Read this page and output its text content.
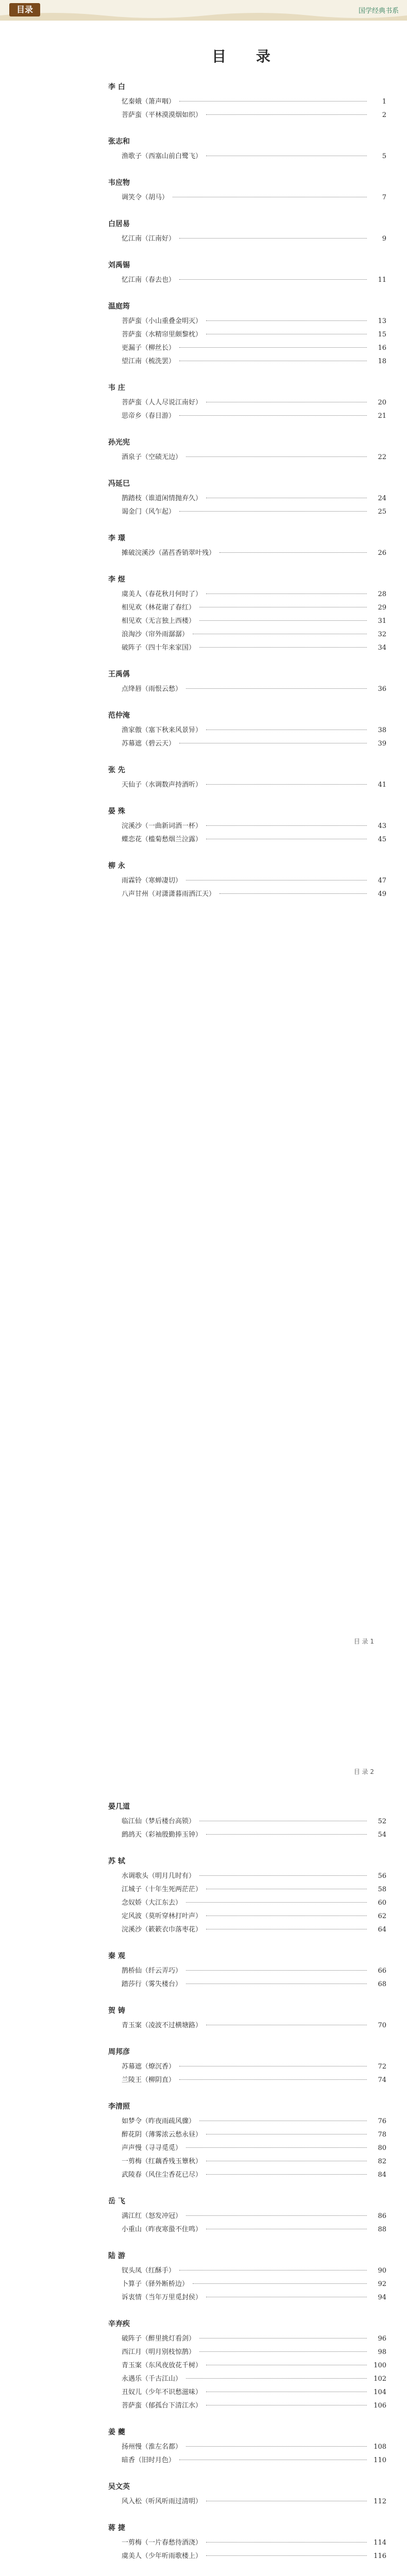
目录	国学经典书系
目 录
李 白
忆秦娥（箫声咽）	1
菩萨蛮（平林漠漠烟如织）	2
张志和
渔歌子（西塞山前白鹭飞）	5
韦应物
调笑令（胡马）	7
白居易
忆江南（江南好）	9
刘禹锡
忆江南（春去也）	11
温庭筠
菩萨蛮（小山重叠金明灭）	13
菩萨蛮（水精帘里颇黎枕）	15
更漏子（柳丝长）	16
望江南（梳洗罢）	18
韦 庄
菩萨蛮（人人尽说江南好）	20
思帝乡（春日游）	21
孙光宪
酒泉子（空碛无边）	22
冯延巳
鹊踏枝（谁道闲情抛弃久）	24
谒金门（风乍起）	25
李 璟
摊破浣溪沙（菡萏香销翠叶残）	26
李 煜
虞美人（春花秋月何时了）	28
相见欢（林花谢了春红）	29
相见欢（无言独上西楼）	31
浪淘沙（帘外雨潺潺）	32
破阵子（四十年来家国）	34
王禹偁
点绛唇（雨恨云愁）	36
范仲淹
渔家傲（塞下秋来风景异）	38
苏幕遮（碧云天）	39
张 先
天仙子（水调数声持酒听）	41
晏 殊
浣溪沙（一曲新词酒一杯）	43
蝶恋花（槛菊愁烟兰泣露）	45
柳 永
雨霖铃（寒蝉凄切）	47
八声甘州（对潇潇暮雨洒江天）	49
目 录 1
目 录 2
晏几道
临江仙（梦后楼台高锁）	52
鹧鸪天（彩袖殷勤捧玉钟）	54
苏 轼
水调歌头（明月几时有）	56
江城子（十年生死两茫茫）	58
念奴娇（大江东去）	60
定风波（莫听穿林打叶声）	62
浣溪沙（簌簌衣巾落枣花）	64
秦 观
鹊桥仙（纤云弄巧）	66
踏莎行（雾失楼台）	68
贺 铸
青玉案（凌波不过横塘路）	70
周邦彦
苏幕遮（燎沉香）	72
兰陵王（柳阴直）	74
李清照
如梦令（昨夜雨疏风骤）	76
醉花阴（薄雾浓云愁永昼）	78
声声慢（寻寻觅觅）	80
一剪梅（红藕香残玉簟秋）	82
武陵春（风住尘香花已尽）	84
岳 飞
满江红（怒发冲冠）	86
小重山（昨夜寒蛩不住鸣）	88
陆 游
钗头凤（红酥手）	90
卜算子（驿外断桥边）	92
诉衷情（当年万里觅封侯）	94
辛弃疾
破阵子（醉里挑灯看剑）	96
西江月（明月别枝惊鹊）	98
青玉案（东风夜放花千树）	100
永遇乐（千古江山）	102
丑奴儿（少年不识愁滋味）	104
菩萨蛮（郁孤台下清江水）	106
姜 夔
扬州慢（淮左名都）	108
暗香（旧时月色）	110
吴文英
风入松（听风听雨过清明）	112
蒋 捷
一剪梅（一片春愁待酒浇）	114
虞美人（少年听雨歌楼上）	116
